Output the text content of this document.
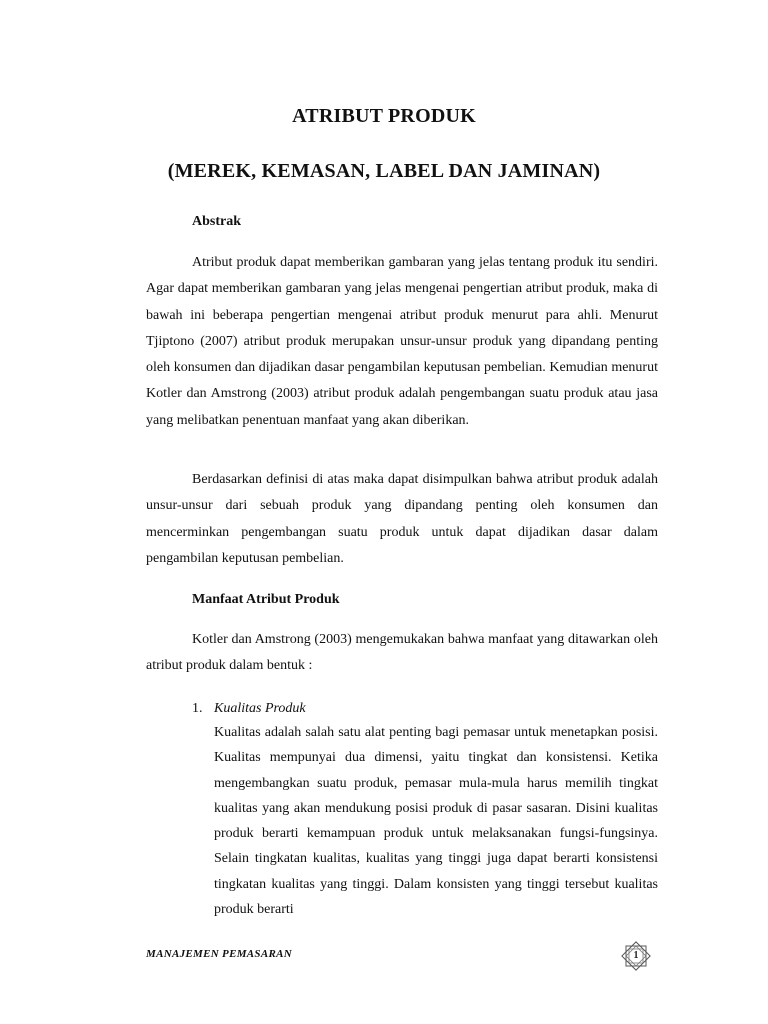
ATRIBUT PRODUK
(MEREK, KEMASAN, LABEL DAN JAMINAN)
Abstrak

Atribut produk dapat memberikan gambaran yang jelas tentang produk itu sendiri. Agar dapat memberikan gambaran yang jelas mengenai pengertian atribut produk, maka di bawah ini beberapa pengertian mengenai atribut produk menurut para ahli. Menurut Tjiptono (2007) atribut produk merupakan unsur-unsur produk yang dipandang penting oleh konsumen dan dijadikan dasar pengambilan keputusan pembelian. Kemudian menurut Kotler dan Amstrong (2003) atribut produk adalah pengembangan suatu produk atau jasa yang melibatkan penentuan manfaat yang akan diberikan.

Berdasarkan definisi di atas maka dapat disimpulkan bahwa atribut produk adalah unsur-unsur dari sebuah produk yang dipandang penting oleh konsumen dan mencerminkan pengembangan suatu produk untuk dapat dijadikan dasar dalam pengambilan keputusan pembelian.

Manfaat Atribut Produk

Kotler dan Amstrong (2003) mengemukakan bahwa manfaat yang ditawarkan oleh atribut produk dalam bentuk :

1. Kualitas Produk

Kualitas adalah salah satu alat penting bagi pemasar untuk menetapkan posisi. Kualitas mempunyai dua dimensi, yaitu tingkat dan konsistensi. Ketika mengembangkan suatu produk, pemasar mula-mula harus memilih tingkat kualitas yang akan mendukung posisi produk di pasar sasaran. Disini kualitas produk berarti kemampuan produk untuk melaksanakan fungsi-fungsinya. Selain tingkatan kualitas, kualitas yang tinggi juga dapat berarti konsistensi tingkatan kualitas yang tinggi. Dalam konsisten yang tinggi tersebut kualitas produk berarti

MANAJEMEN PEMASARAN	1
